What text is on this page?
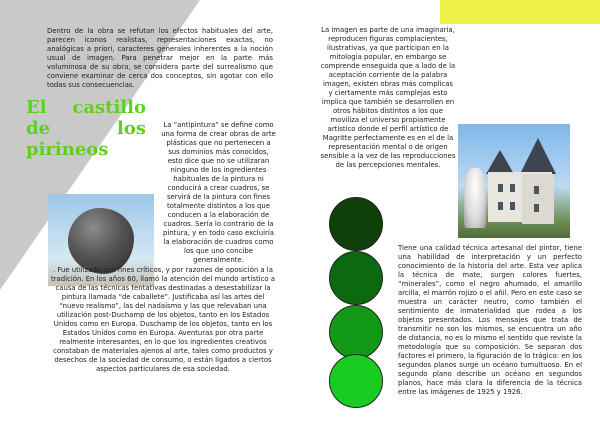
Dentro de la obra se refutan los efectos habituales del arte, parecen iconos realistas, representaciones exactas, no analógicas a priori, caracteres generales inherentes a la noción usual de imagen. Para penetrar mejor en la parte más voluminosa de su obra, se considera parte del surrealismo que conviene examinar de cerca dos conceptos, sin agotar con ello todas sus consecuencias.
El castillo de los pirineos
La “antipintura” se define como una forma de crear obras de arte plásticas que no pertenecen a sus dominios más conocidos, esto dice que no se utilizaran ninguno de los ingredientes habituales de la pintura ni conducirá a crear cuadros, se servirá de la pintura con fines totalmente distintos a los que conducen a la elaboración de cuadros. Sería lo contrario de la pintura, y en todo caso excluiría la elaboración de cuadros como los que uno concibe generalmente.
. Fue utilizada con fines críticos, y por razones de oposición a la tradición. En los años 60, llamó la atención del mundo artístico a causa de las técnicas tentativas destinadas a desestabilizar la pintura llamada “de caballete”. Justificaba así las artes del “nuevo realismo”, las del nadaísmo y las que relevaban una utilización post-Duchamp de los objetos, tanto en los Estados Unidos como en Europa. Duschamp de los objetos, tanto en los Estados Unidos como en Europa. Aventuras por otra parte realmente interesantes, en lo que los ingredientes creativos constaban de materiales ajenos al arte, tales como productos y desechos de la sociedad de consumo, o están ligados a ciertos aspectos particulares de esa sociedad.
La imagen es parte de una imaginaria, reproducen figuras complacientes, ilustrativas, ya que participan en la mitología popular, en embargo se comprende enseguida que a lado de la aceptación corriente de la palabra imagen, existen obras más complicas y ciertamente más complejas esto implica que también se desarrollen en otros hábitos distintos a los que moviliza el universo propiamente artístico donde el perfil artístico de Magritte perfectamente es en el de la representación mental o de origen sensible a la vez de las reproducciones de las percepciones mentales.
Tiene una calidad técnica artesanal del pintor, tiene una habilidad de interpretación y un perfecto conocimiento de la historia del arte. Esta vez aplica la técnica de mate, surgen colores fuertes, “minerales”, como el negro ahumado, el amarillo arcilla, el marrón rojizo o el añil. Pero en este caso se muestra un carácter neutro, como también el sentimiento de inmaterialidad que rodea a los objetos presentados. Los mensajes que trata de transmitir no son los mismos, se encuentra un año de distancia, no es lo mismo el sentido que reviste la metodología que su composición. Se separan dos factores el primero, la figuración de lo trágico: en los segundos planos surge un océano tumultuoso. En el segundo plano describe un océano en segundos planos, hace más clara la diferencia de la técnica entre las imágenes de 1925 y 1926.
